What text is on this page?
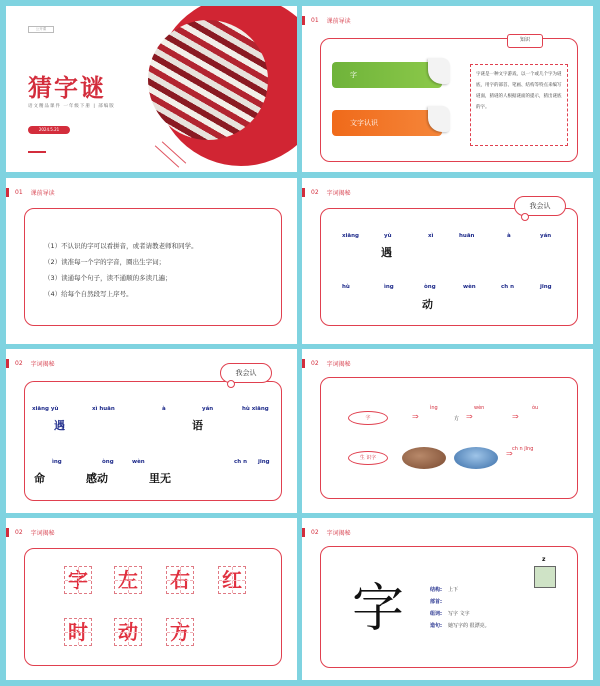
公开课
猜字谜
语文精品课件 一年级下册 | 部编版
2024.5.21
01 课前导读
字
文字认识
知识
字谜是一种文字游戏，以一个或几个字为谜底，用字的部首、笔画、结构等特点来编写谜面，猜谜的人根据谜面的提示，猜出谜底的字。
01 课前导读
（1）不认识的字可以看拼音，或者请教老师和同学。
（2）读准每一个字的字音，圈出生字词；
（3）读通每个句子，读不通顺的多读几遍；
（4）给每个自然段写上序号。
02 字词揭秘
我会认
xiāng	yù	xì	huān	à	yán
遇
hù	ìng	òng	wèn	ch n	jīng
动
02 字词揭秘
我会认
xiāng yù	xì huān	à	yán	hù xiāng
遇	语
ìng	òng	wèn	ch n jīng
命	感动	里无
02 字词揭秘
字	⇒
ìng
方
wèn
⇒	⇒
òu
生 识字	⇒ ch n jīng
02 字词揭秘
字 左 右 红
时 动 方
02 字词揭秘
字
z
结构: 上下
部首:
组词: 写字 文字
造句: 她写字的 很漂亮。
